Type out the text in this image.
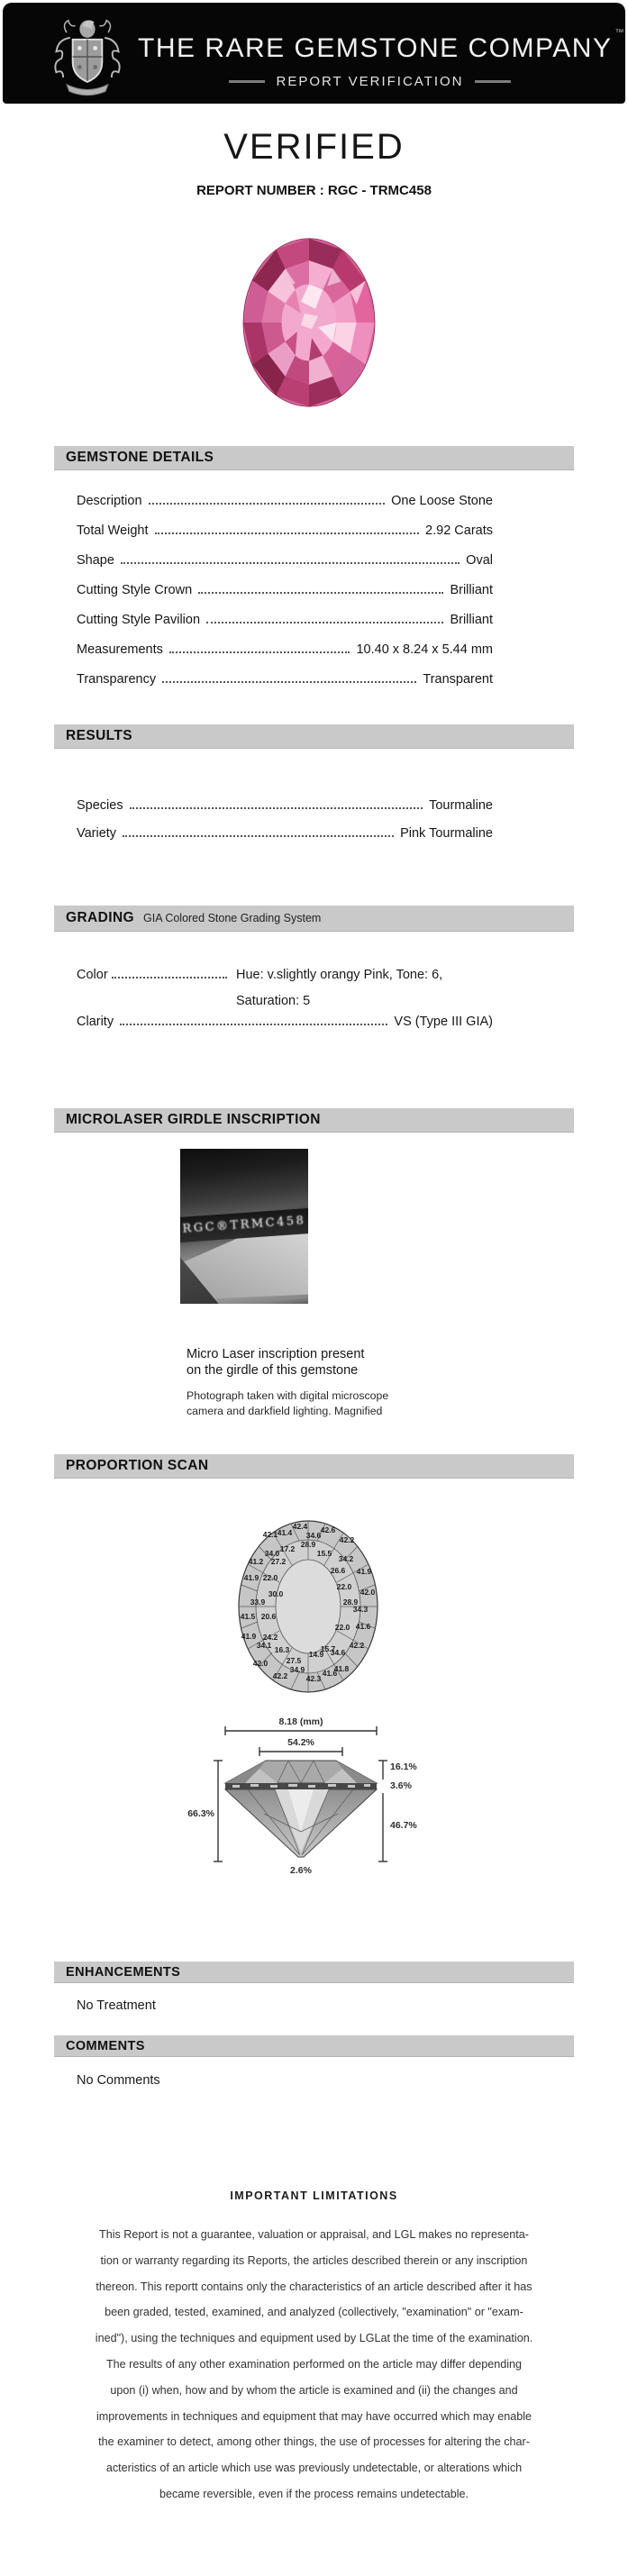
THE RARE GEMSTONE COMPANY™
REPORT VERIFICATION
VERIFIED
REPORT NUMBER : RGC - TRMC458
GEMSTONE DETAILS
Description	One Loose Stone
Total Weight	2.92 Carats
Shape	Oval
Cutting Style Crown	Brilliant
Cutting Style Pavilion	Brilliant
Measurements	10.40 x 8.24 x 5.44 mm
Transparency	Transparent
RESULTS
Species	Tourmaline
Variety	Pink Tourmaline
GRADING GIA Colored Stone Grading System
Color	Hue: v.slightly orangy Pink, Tone: 6,
Saturation: 5
Clarity	VS (Type III GIA)
MICROLASER GIRDLE INSCRIPTION
RGC®TRMC458
Micro Laser inscription present
on the girdle of this gemstone
Photograph taken with digital microscope
camera and darkfield lighting. Magnified
PROPORTION SCAN
42.4
42.1 41.4 34.6
42.6
42.2
28.9
17.2	15.5
34.0
27.2	34.2
41.2
26.6 41.9
41.9 22.0
22.0
30.0	42.0
33.9	28.9
34.3
41.5 20.6
22.0 41.6
41.9 24.2
34.1 16.3	15.7 42.2
34.6
14.9
27.5
42.0
34.9	41.8
42.2	41.6
42.3
8.18 (mm)
54.2%
66.3%
16.1%
3.6%
46.7%
2.6%
ENHANCEMENTS
No Treatment
COMMENTS
No Comments
IMPORTANT LIMITATIONS
This Report is not a guarantee, valuation or appraisal, and LGL makes no representa-
tion or warranty regarding its Reports, the articles described therein or any inscription
thereon. This reportt contains only the characteristics of an article described after it has
been graded, tested, examined, and analyzed (collectively, "examination" or "exam-
ined"), using the techniques and equipment used by LGLat the time of the examination.
The results of any other examination performed on the article may differ depending
upon (i) when, how and by whom the article is examined and (ii) the changes and
improvements in techniques and equipment that may have occurred which may enable
the examiner to detect, among other things, the use of processes for altering the char-
acteristics of an article which use was previously undetectable, or alterations which
became reversible, even if the process remains undetectable.
